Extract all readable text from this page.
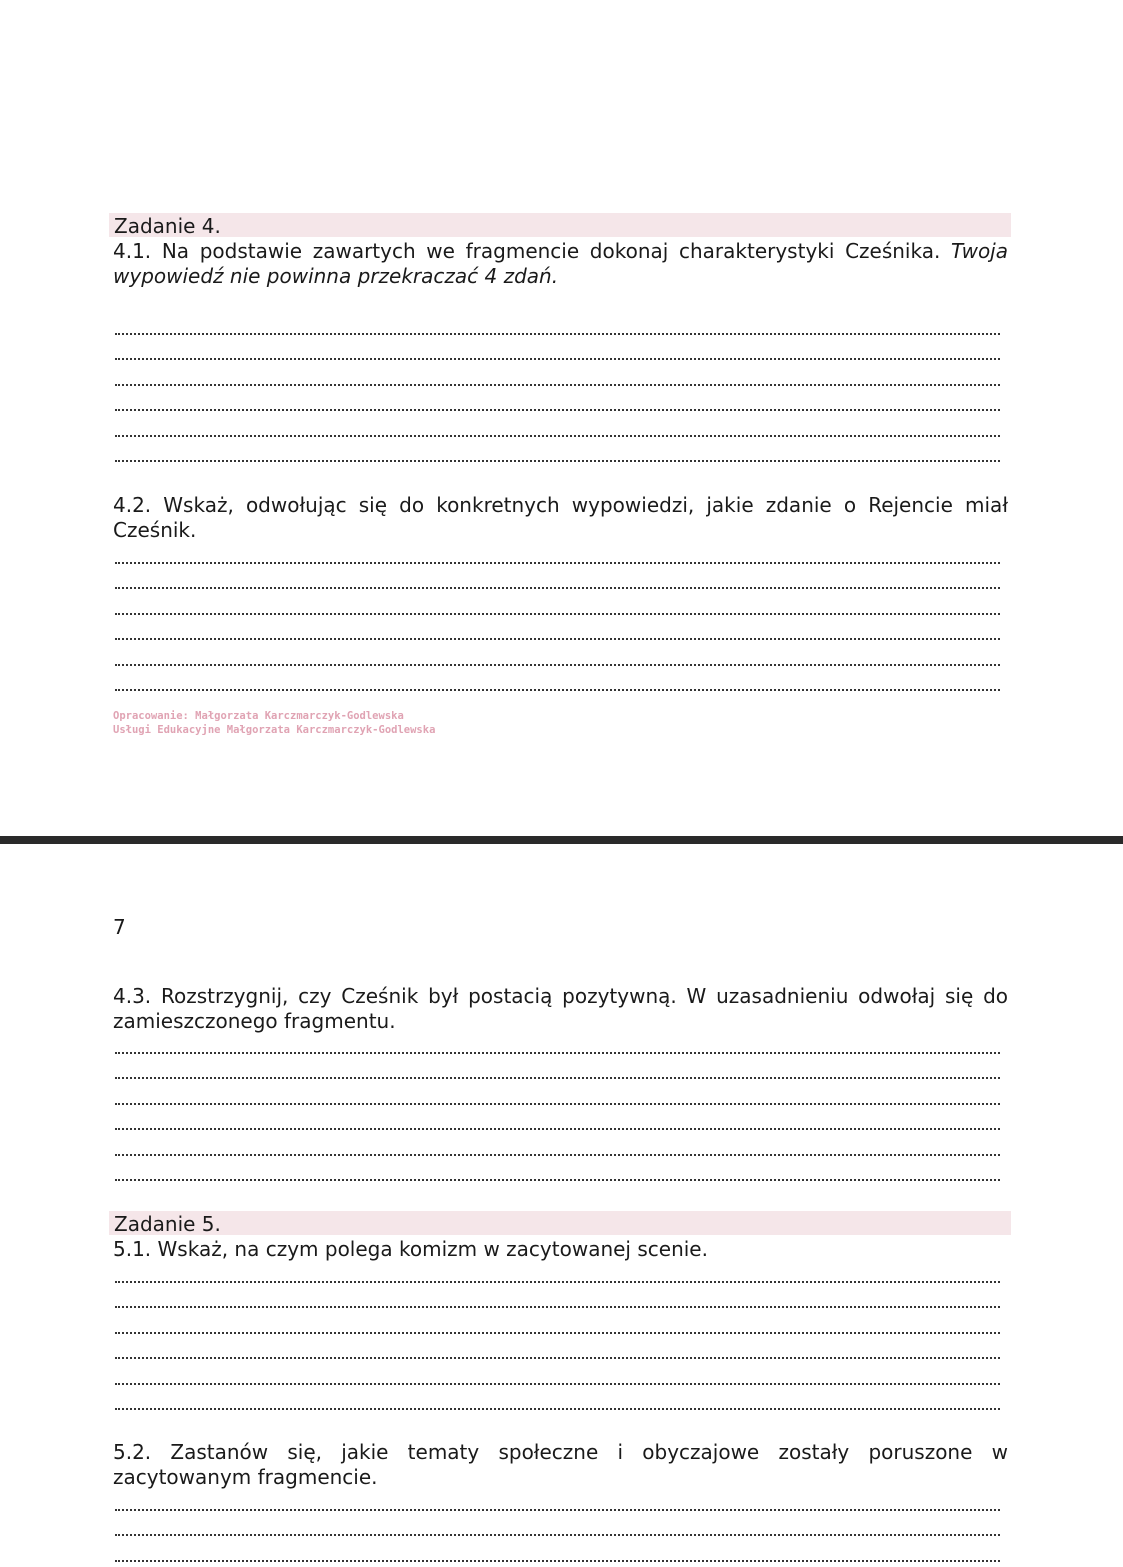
Zadanie 4.

4.1. Na podstawie zawartych we fragmencie dokonaj charakterystyki Cześnika. Twoja wypowiedź nie powinna przekraczać 4 zdań.

4.2. Wskaż, odwołując się do konkretnych wypowiedzi, jakie zdanie o Rejencie miał Cześnik.

Opracowanie: Małgorzata Karczmarczyk-Godlewska
Usługi Edukacyjne Małgorzata Karczmarczyk-Godlewska
7

4.3. Rozstrzygnij, czy Cześnik był postacią pozytywną. W uzasadnieniu odwołaj się do zamieszczonego fragmentu.

Zadanie 5.

5.1. Wskaż, na czym polega komizm w zacytowanej scenie.

5.2. Zastanów się, jakie tematy społeczne i obyczajowe zostały poruszone w zacytowanym fragmencie.
